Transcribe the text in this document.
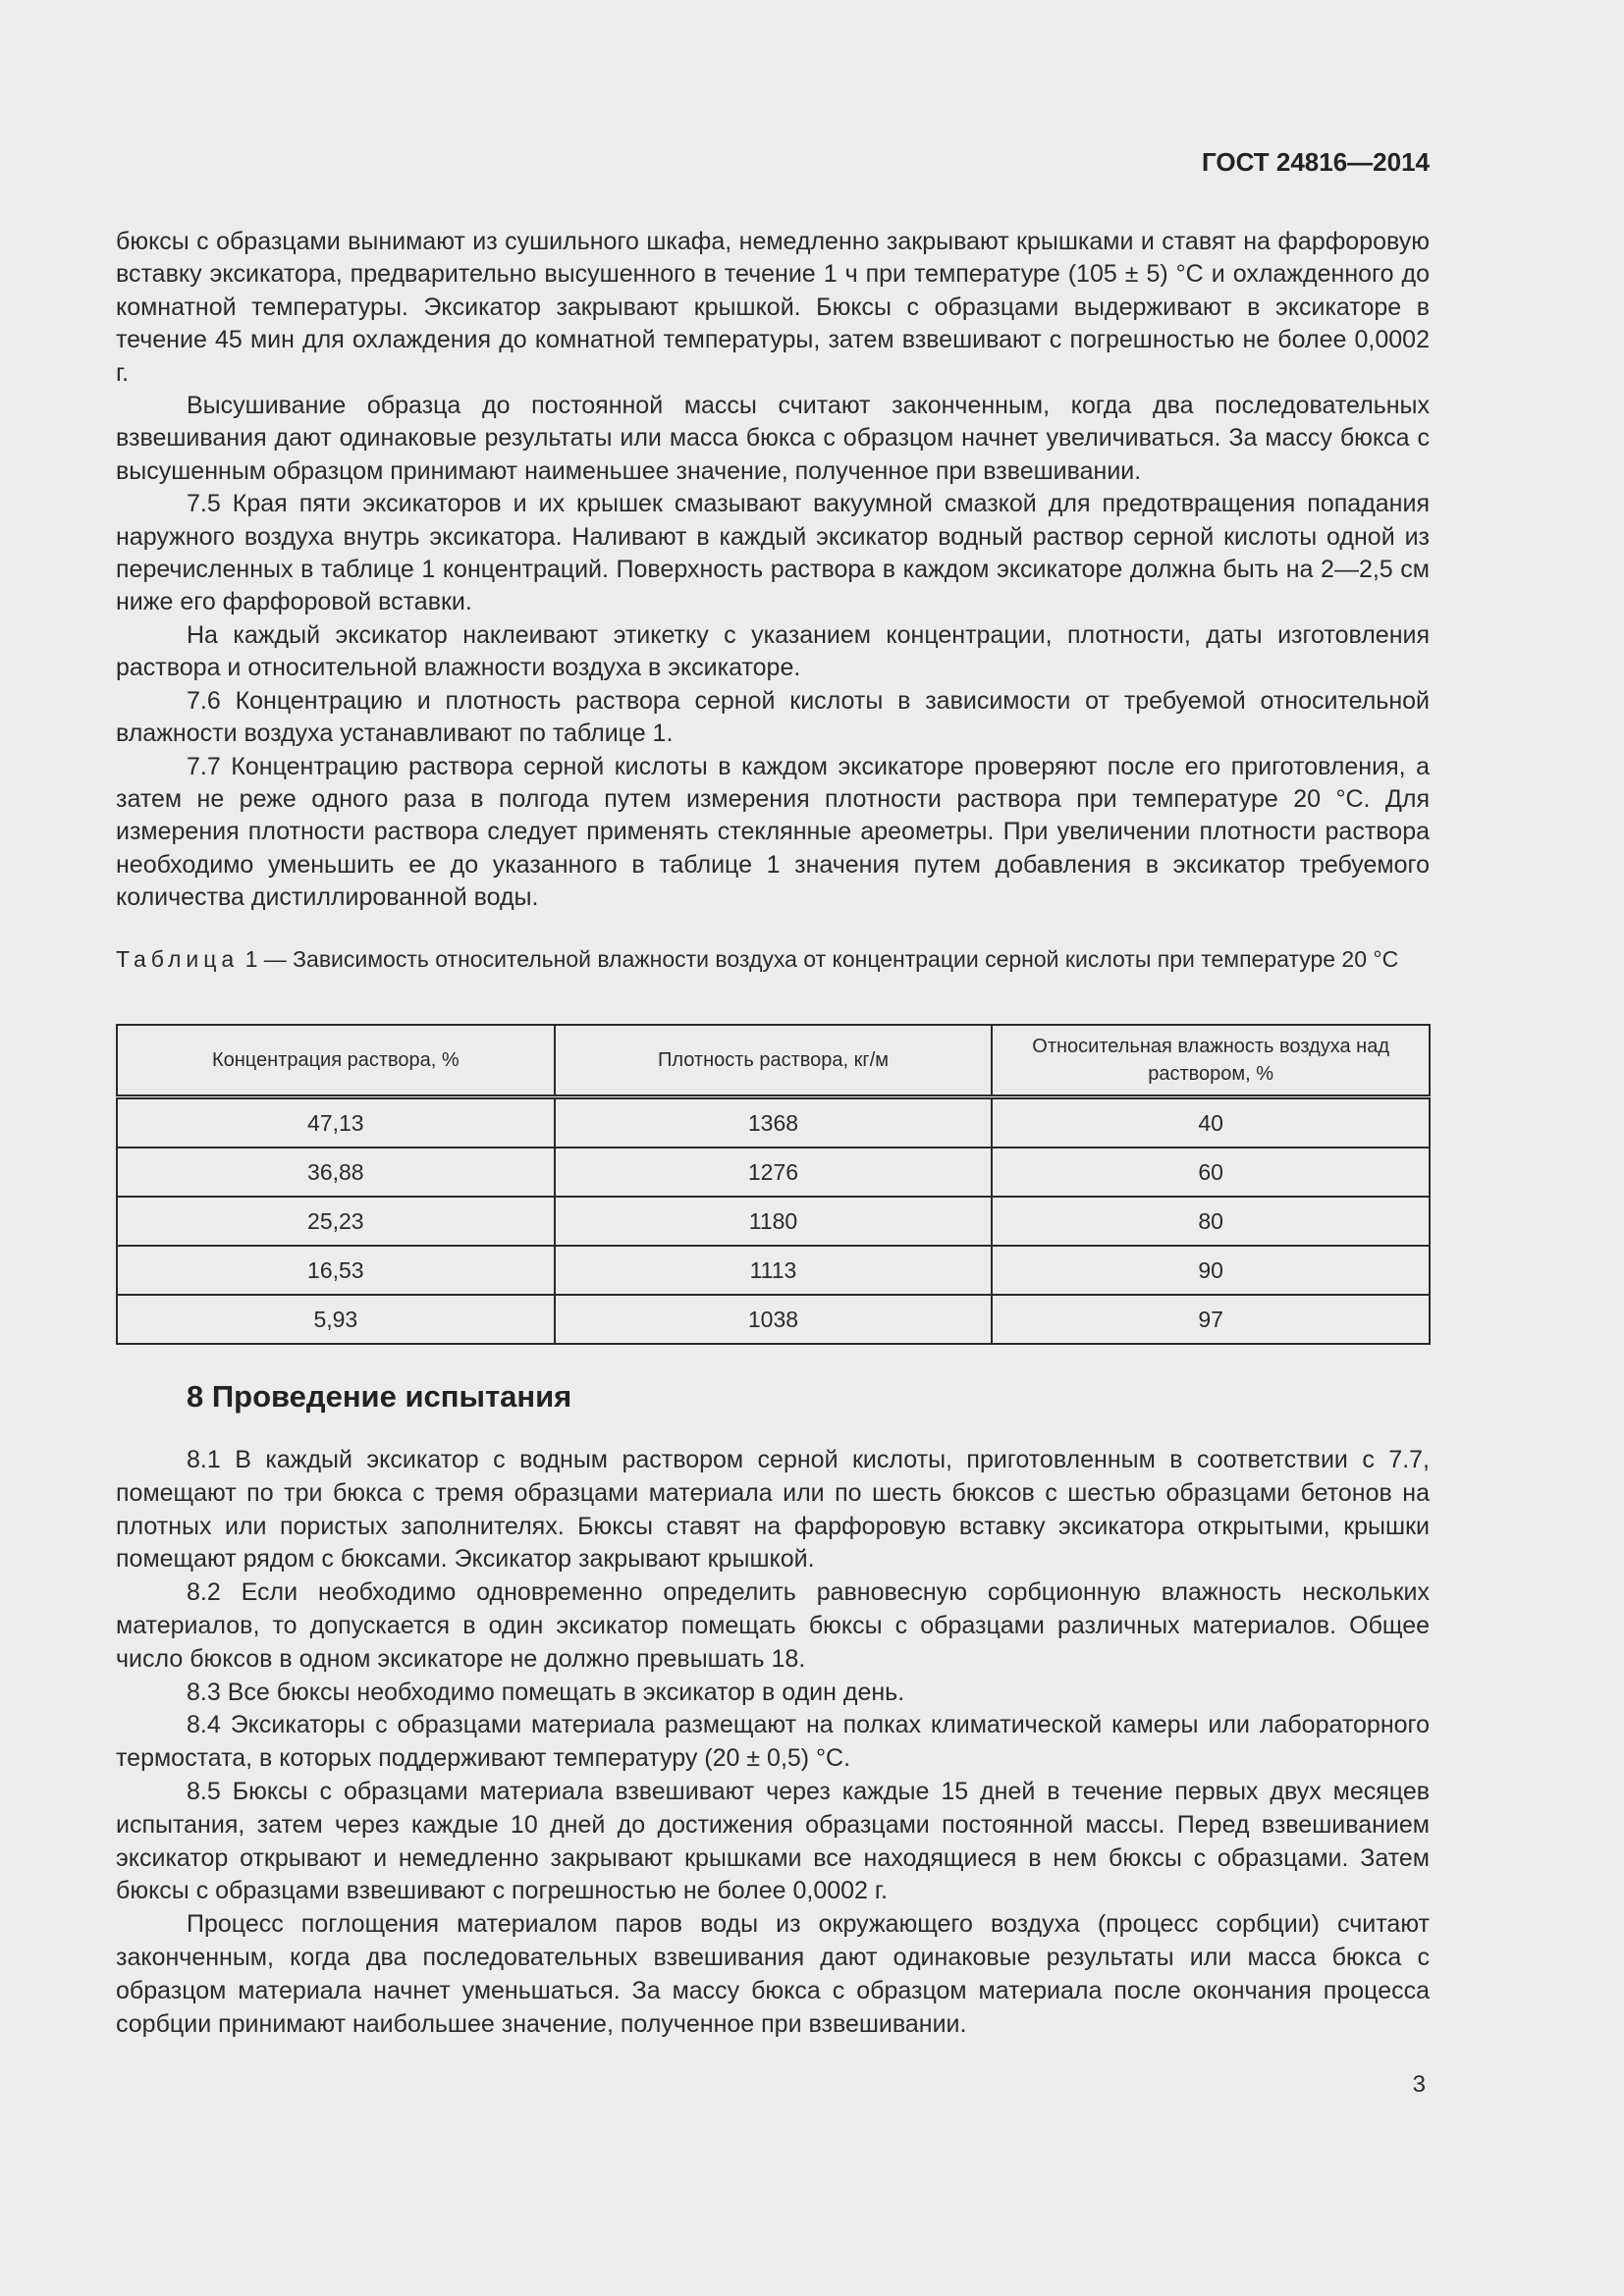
ГОСТ 24816—2014

бюксы с образцами вынимают из сушильного шкафа, немедленно закрывают крышками и ставят на фарфоровую вставку эксикатора, предварительно высушенного в течение 1 ч при температуре (105 ± 5) °С и охлажденного до комнатной температуры. Эксикатор закрывают крышкой. Бюксы с образцами выдерживают в эксикаторе в течение 45 мин для охлаждения до комнатной температуры, затем взвешивают с погрешностью не более 0,0002 г.

Высушивание образца до постоянной массы считают законченным, когда два последовательных взвешивания дают одинаковые результаты или масса бюкса с образцом начнет увеличиваться. За массу бюкса с высушенным образцом принимают наименьшее значение, полученное при взвешивании.

7.5 Края пяти эксикаторов и их крышек смазывают вакуумной смазкой для предотвращения попадания наружного воздуха внутрь эксикатора. Наливают в каждый эксикатор водный раствор серной кислоты одной из перечисленных в таблице 1 концентраций. Поверхность раствора в каждом эксикаторе должна быть на 2—2,5 см ниже его фарфоровой вставки.

На каждый эксикатор наклеивают этикетку с указанием концентрации, плотности, даты изготовления раствора и относительной влажности воздуха в эксикаторе.

7.6 Концентрацию и плотность раствора серной кислоты в зависимости от требуемой относительной влажности воздуха устанавливают по таблице 1.

7.7 Концентрацию раствора серной кислоты в каждом эксикаторе проверяют после его приготовления, а затем не реже одного раза в полгода путем измерения плотности раствора при температуре 20 °С. Для измерения плотности раствора следует применять стеклянные ареометры. При увеличении плотности раствора необходимо уменьшить ее до указанного в таблице 1 значения путем добавления в эксикатор требуемого количества дистиллированной воды.

Таблица 1 — Зависимость относительной влажности воздуха от концентрации серной кислоты при температуре 20 °С
Концентрация раствора, %	Плотность раствора, кг/м	Относительная влажность воздуха над раствором, %

47,13	1368	40
36,88	1276	60
25,23	1180	80
16,53	1113	90
5,93	1038	97
8 Проведение испытания

8.1 В каждый эксикатор с водным раствором серной кислоты, приготовленным в соответствии с 7.7, помещают по три бюкса с тремя образцами материала или по шесть бюксов с шестью образцами бетонов на плотных или пористых заполнителях. Бюксы ставят на фарфоровую вставку эксикатора открытыми, крышки помещают рядом с бюксами. Эксикатор закрывают крышкой.

8.2 Если необходимо одновременно определить равновесную сорбционную влажность нескольких материалов, то допускается в один эксикатор помещать бюксы с образцами различных материалов. Общее число бюксов в одном эксикаторе не должно превышать 18.

8.3 Все бюксы необходимо помещать в эксикатор в один день.

8.4 Эксикаторы с образцами материала размещают на полках климатической камеры или лабораторного термостата, в которых поддерживают температуру (20 ± 0,5) °С.

8.5 Бюксы с образцами материала взвешивают через каждые 15 дней в течение первых двух месяцев испытания, затем через каждые 10 дней до достижения образцами постоянной массы. Перед взвешиванием эксикатор открывают и немедленно закрывают крышками все находящиеся в нем бюксы с образцами. Затем бюксы с образцами взвешивают с погрешностью не более 0,0002 г.

Процесс поглощения материалом паров воды из окружающего воздуха (процесс сорбции) считают законченным, когда два последовательных взвешивания дают одинаковые результаты или масса бюкса с образцом материала начнет уменьшаться. За массу бюкса с образцом материала после окончания процесса сорбции принимают наибольшее значение, полученное при взвешивании.

3
